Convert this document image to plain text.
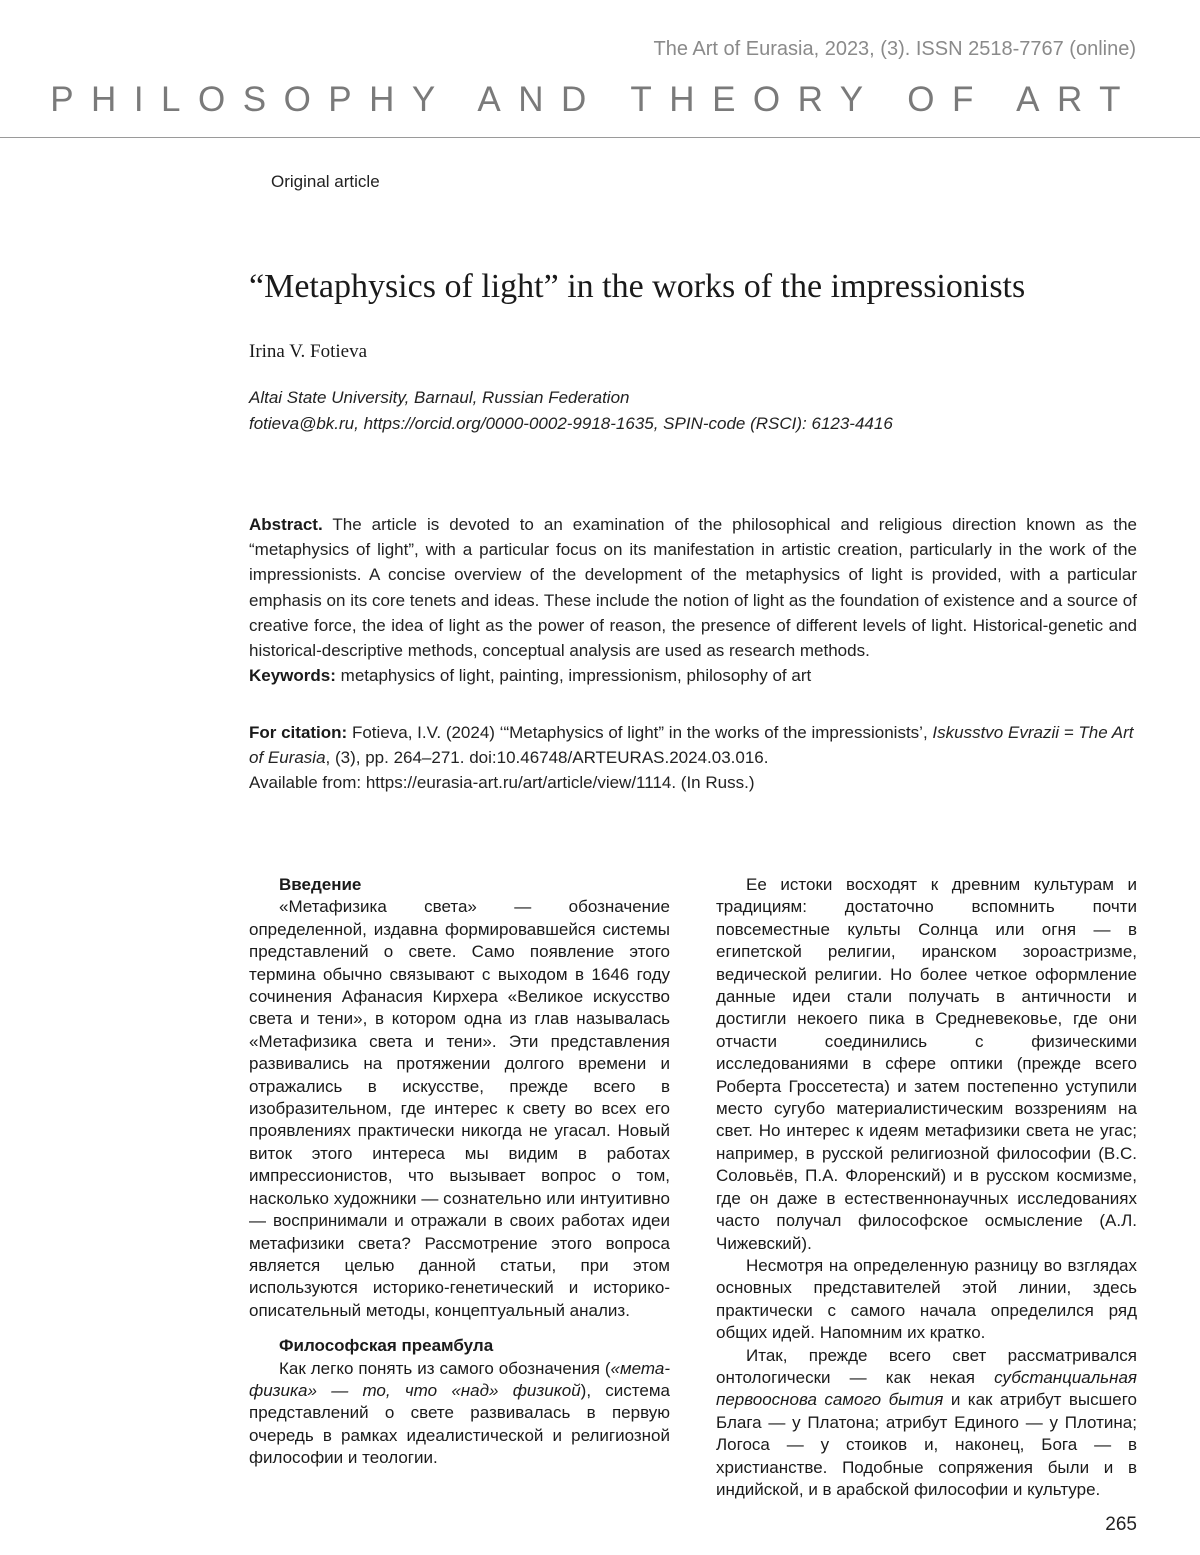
The Art of Eurasia, 2023, (3). ISSN 2518-7767 (online)
PHILOSOPHY AND THEORY OF ART
Original article
“Metaphysics of light” in the works of the impressionists
Irina V. Fotieva
Altai State University, Barnaul, Russian Federation
fotieva@bk.ru, https://orcid.org/0000-0002-9918-1635, SPIN-code (RSCI): 6123-4416

Abstract. The article is devoted to an examination of the philosophical and religious direction known as the “metaphysics of light”, with a particular focus on its manifestation in artistic creation, particularly in the work of the impressionists. A concise overview of the development of the metaphysics of light is provided, with a particular emphasis on its core tenets and ideas. These include the notion of light as the foundation of existence and a source of creative force, the idea of light as the power of reason, the presence of different levels of light. Historical-genetic and historical-descriptive methods, conceptual analysis are used as research methods.

Keywords: metaphysics of light, painting, impressionism, philosophy of art

For citation: Fotieva, I.V. (2024) ‘“Metaphysics of light” in the works of the impressionists’, Iskusstvo Evrazii = The Art of Eurasia, (3), pp. 264–271. doi:10.46748/ARTEURAS.2024.03.016.

Available from: https://eurasia-art.ru/art/article/view/1114. (In Russ.)

Введение

«Метафизика света» — обозначение определенной, издавна формировавшейся системы представлений о свете. Само появление этого термина обычно связывают с выходом в 1646 году сочинения Афанасия Кирхера «Великое искусство света и тени», в котором одна из глав называлась «Метафизика света и тени». Эти представления развивались на протяжении долгого времени и отражались в искусстве, прежде всего в изобразительном, где интерес к свету во всех его проявлениях практически никогда не угасал. Новый виток этого интереса мы видим в работах импрессионистов, что вызывает вопрос о том, насколько художники — сознательно или интуитивно — воспринимали и отражали в своих работах идеи метафизики света? Рассмотрение этого вопроса является целью данной статьи, при этом используются историко-генетический и историко-описательный методы, концептуальный анализ.

Философская преамбула

Как легко понять из самого обозначения («мета-физика» — то, что «над» физикой), система представлений о свете развивалась в первую очередь в рамках идеалистической и религиозной философии и теологии.

Ее истоки восходят к древним культурам и традициям: достаточно вспомнить почти повсеместные культы Солнца или огня — в египетской религии, иранском зороастризме, ведической религии. Но более четкое оформление данные идеи стали получать в античности и достигли некоего пика в Средневековье, где они отчасти соединились с физическими исследованиями в сфере оптики (прежде всего Роберта Гроссетеста) и затем постепенно уступили место сугубо материалистическим воззрениям на свет. Но интерес к идеям метафизики света не угас; например, в русской религиозной философии (В.С. Соловьёв, П.А. Флоренский) и в русском космизме, где он даже в естественнонаучных исследованиях часто получал философское осмысление (А.Л. Чижевский).

Несмотря на определенную разницу во взглядах основных представителей этой линии, здесь практически с самого начала определился ряд общих идей. Напомним их кратко.

Итак, прежде всего свет рассматривался онтологически — как некая субстанциальная первооснова самого бытия и как атрибут высшего Блага — у Платона; атрибут Единого — у Плотина; Логоса — у стоиков и, наконец, Бога — в христианстве. Подобные сопряжения были и в индийской, и в арабской философии и культуре.

265
